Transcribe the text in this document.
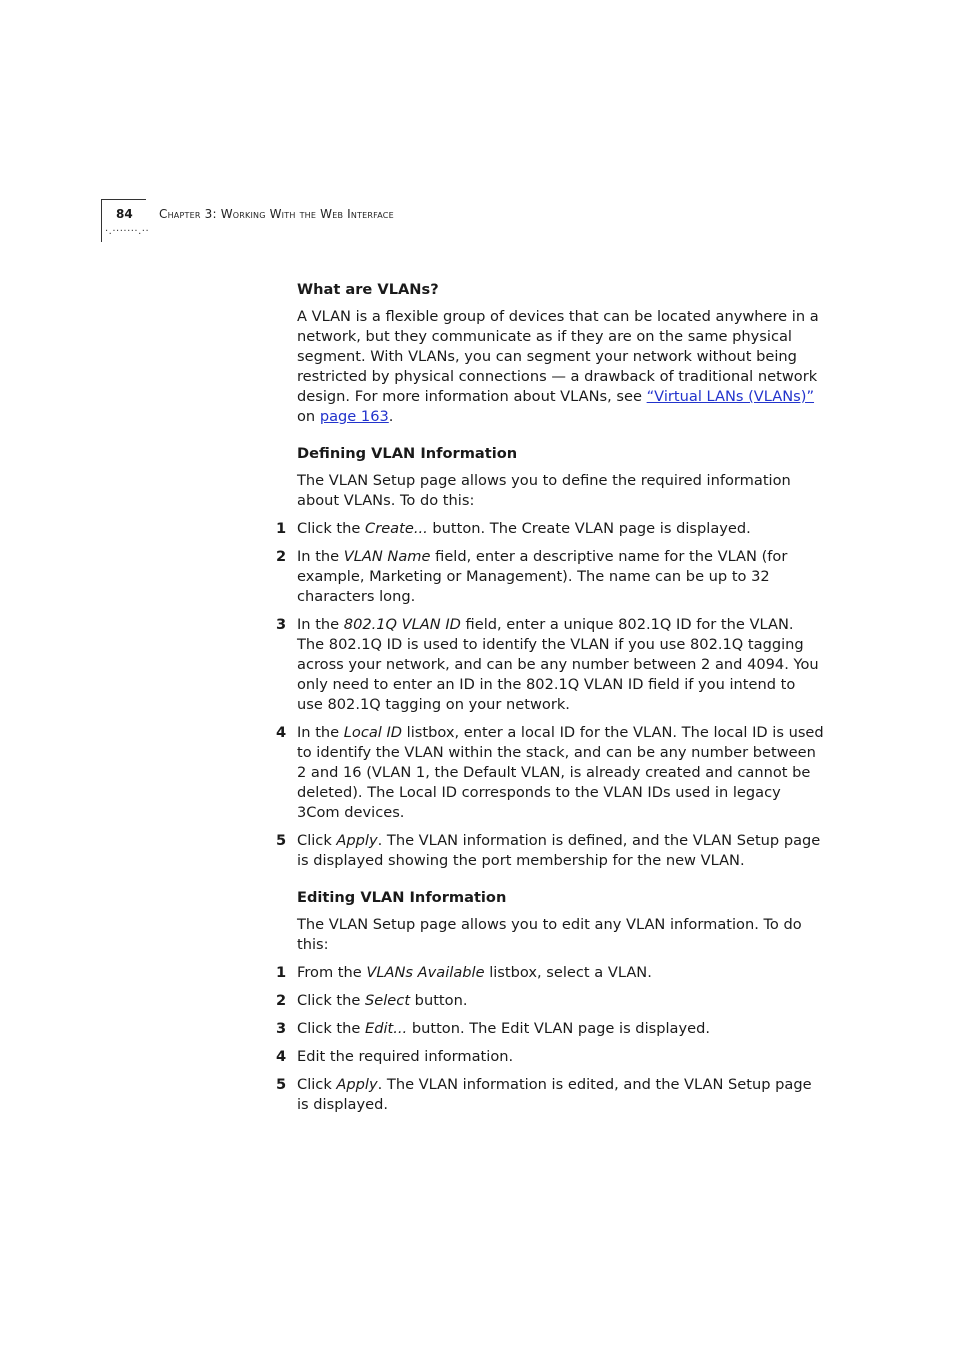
84
·.·······.··
Chapter 3: Working With the Web Interface
What are VLANs?

A VLAN is a flexible group of devices that can be located anywhere in a network, but they communicate as if they are on the same physical segment. With VLANs, you can segment your network without being restricted by physical connections — a drawback of traditional network design. For more information about VLANs, see “Virtual LANs (VLANs)” on page 163.

Defining VLAN Information

The VLAN Setup page allows you to define the required information about VLANs. To do this:

1 Click the Create... button. The Create VLAN page is displayed.
2 In the VLAN Name field, enter a descriptive name for the VLAN (for example, Marketing or Management). The name can be up to 32 characters long.
3 In the 802.1Q VLAN ID field, enter a unique 802.1Q ID for the VLAN. The 802.1Q ID is used to identify the VLAN if you use 802.1Q tagging across your network, and can be any number between 2 and 4094. You only need to enter an ID in the 802.1Q VLAN ID field if you intend to use 802.1Q tagging on your network.
4 In the Local ID listbox, enter a local ID for the VLAN. The local ID is used to identify the VLAN within the stack, and can be any number between 2 and 16 (VLAN 1, the Default VLAN, is already created and cannot be deleted). The Local ID corresponds to the VLAN IDs used in legacy 3Com devices.
5 Click Apply. The VLAN information is defined, and the VLAN Setup page is displayed showing the port membership for the new VLAN.
Editing VLAN Information

The VLAN Setup page allows you to edit any VLAN information. To do this:

1 From the VLANs Available listbox, select a VLAN.
2 Click the Select button.
3 Click the Edit... button. The Edit VLAN page is displayed.
4 Edit the required information.
5 Click Apply. The VLAN information is edited, and the VLAN Setup page is displayed.
